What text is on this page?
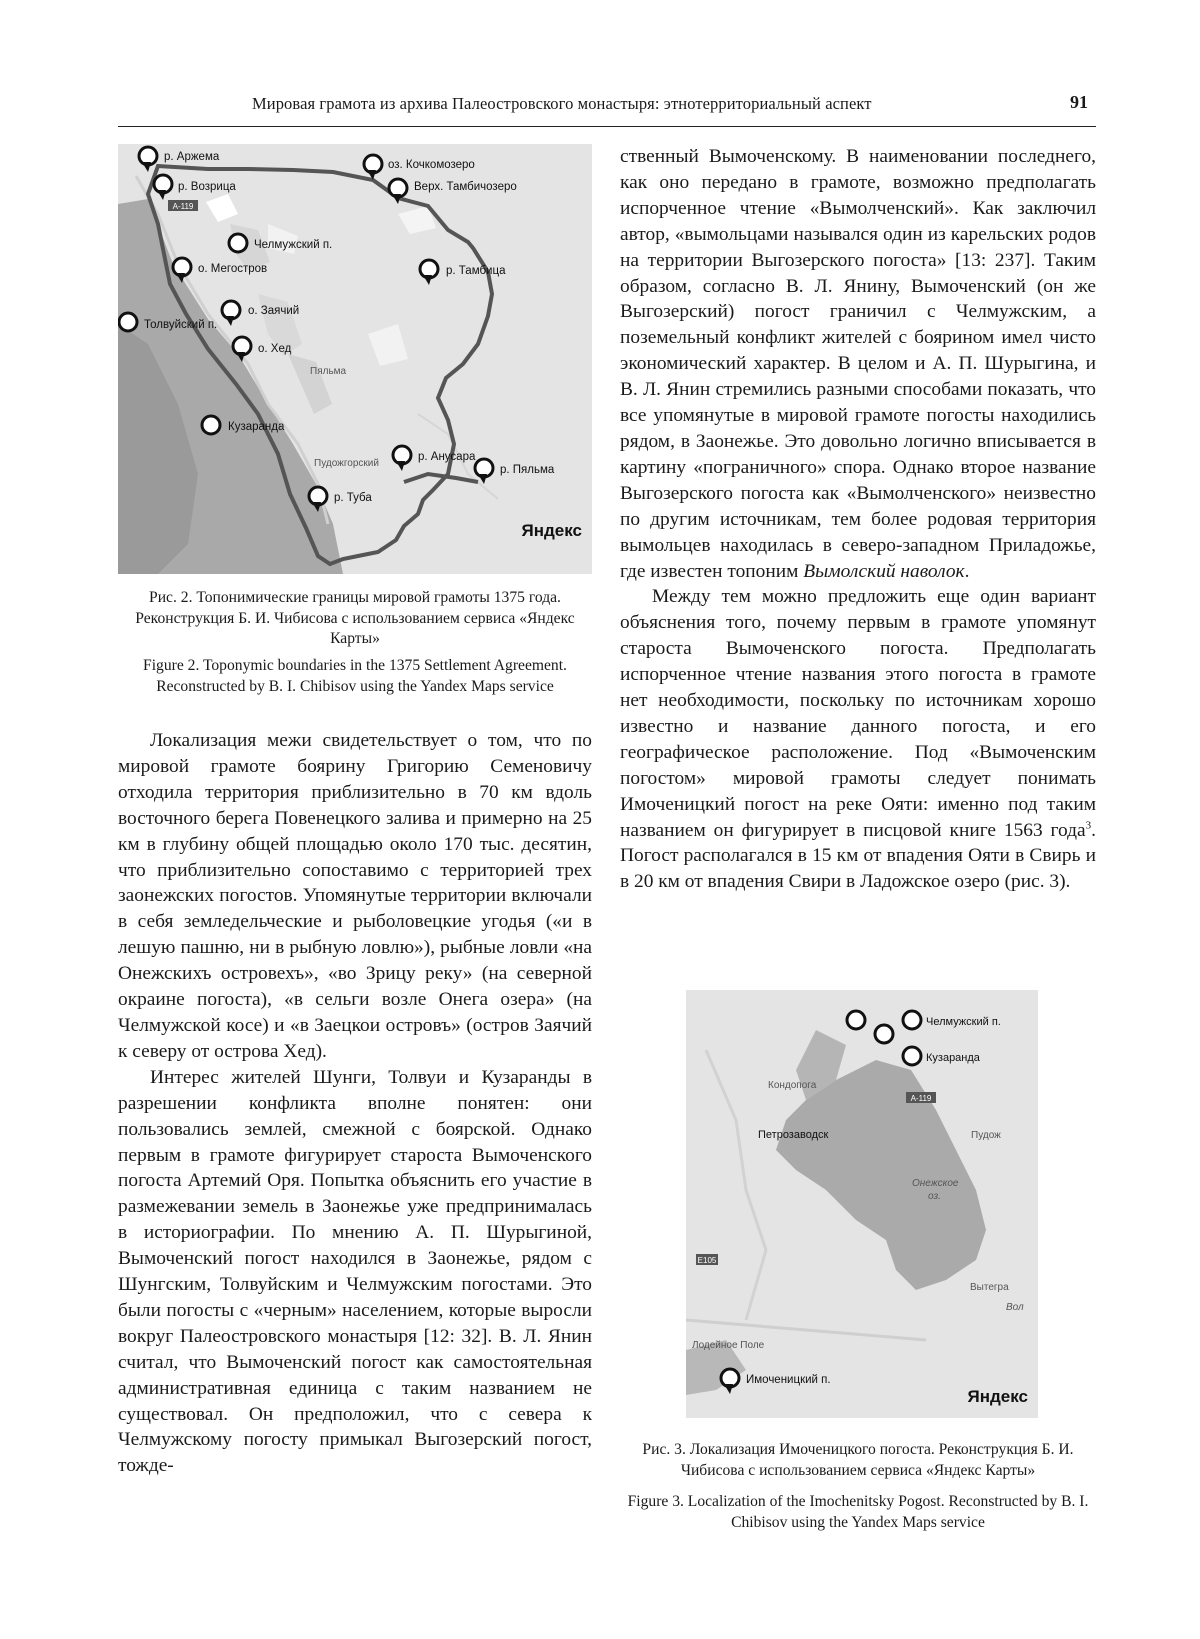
Мировая грамота из архива Палеостровского монастыря: этнотерриториальный аспект	91
А-119
Пяльма
Пудожгорский
р. Аржема
р. Возрица
оз. Кочкомозеро
Верх. Тамбичозеро
Челмужский п.
о. Мегостров	р. Тамбица
о. Заячий
Толвуйский п.
о. Хед
Кузаранда
р. Анусара
р. Пяльма
р. Туба
Яндекс
Рис. 2. Топонимические границы мировой грамоты 1375 года. Реконструкция Б. И. Чибисова с использованием сервиса «Яндекс Карты»
Figure 2. Toponymic boundaries in the 1375 Settlement Agreement. Reconstructed by B. I. Chibisov using the Yandex Maps service

Локализация межи свидетельствует о том, что по мировой грамоте боярину Григорию Семеновичу отходила территория приблизительно в 70 км вдоль восточного берега Повенецкого залива и примерно на 25 км в глубину общей площадью около 170 тыс. десятин, что приблизительно сопоставимо с территорией трех заонежских погостов. Упомянутые территории включали в себя земледельческие и рыболовецкие угодья («и в лешую пашню, ни в рыбную ловлю»), рыбные ловли «на Онежскихъ островехъ», «во Зрицу реку» (на северной окраине погоста), «в сельги возле Онега озера» (на Челмужской косе) и «в Заецкои островъ» (остров Заячий к северу от острова Хед).

Интерес жителей Шунги, Толвуи и Кузаранды в разрешении конфликта вполне понятен: они пользовались землей, смежной с боярской. Однако первым в грамоте фигурирует староста Вымоченского погоста Артемий Оря. Попытка объяснить его участие в размежевании земель в Заонежье уже предпринималась в историографии. По мнению А. П. Шурыгиной, Вымоченский погост находился в Заонежье, рядом с Шунгским, Толвуйским и Челмужским погостами. Это были погосты с «черным» населением, которые выросли вокруг Палеостровского монастыря [12: 32]. В. Л. Янин считал, что Вымоченский погост как самостоятельная административная единица с таким названием не существовал. Он предположил, что с севера к Челмужскому погосту примыкал Выгозерский погост, тожде-

ственный Вымоченскому. В наименовании последнего, как оно передано в грамоте, возможно предполагать испорченное чтение «Вымолченский». Как заключил автор, «вымольцами назывался один из карельских родов на территории Выгозерского погоста» [13: 237]. Таким образом, согласно В. Л. Янину, Вымоченский (он же Выгозерский) погост граничил с Челмужским, а поземельный конфликт жителей с боярином имел чисто экономический характер. В целом и А. П. Шурыгина, и В. Л. Янин стремились разными способами показать, что все упомянутые в мировой грамоте погосты находились рядом, в Заонежье. Это довольно логично вписывается в картину «пограничного» спора. Однако второе название Выгозерского погоста как «Вымолченского» неизвестно по другим источникам, тем более родовая территория вымольцев находилась в северо-западном Приладожье, где известен топоним Вымолский наволок.

Между тем можно предложить еще один вариант объяснения того, почему первым в грамоте упомянут староста Вымоченского погоста. Предполагать испорченное чтение названия этого погоста в грамоте нет необходимости, поскольку по источникам хорошо известно и название данного погоста, и его географическое расположение. Под «Вымоченским погостом» мировой грамоты следует понимать Имоченицкий погост на реке Ояти: именно под таким названием он фигурирует в писцовой книге 1563 года$^3$. Погост располагался в 15 км от впадения Ояти в Свирь и в 20 км от впадения Свири в Ладожское озеро (рис. 3).

Кондопога
А-119
Петрозаводск	Пудож
Онежское
оз.
Е105
Вытегра
Вол
Лодейное Поле
Челмужский п.
Кузаранда
Имоченицкий п.
Яндекс
Рис. 3. Локализация Имоченицкого погоста. Реконструкция Б. И. Чибисова с использованием сервиса «Яндекс Карты»
Figure 3. Localization of the Imochenitsky Pogost. Reconstructed by B. I. Chibisov using the Yandex Maps service
